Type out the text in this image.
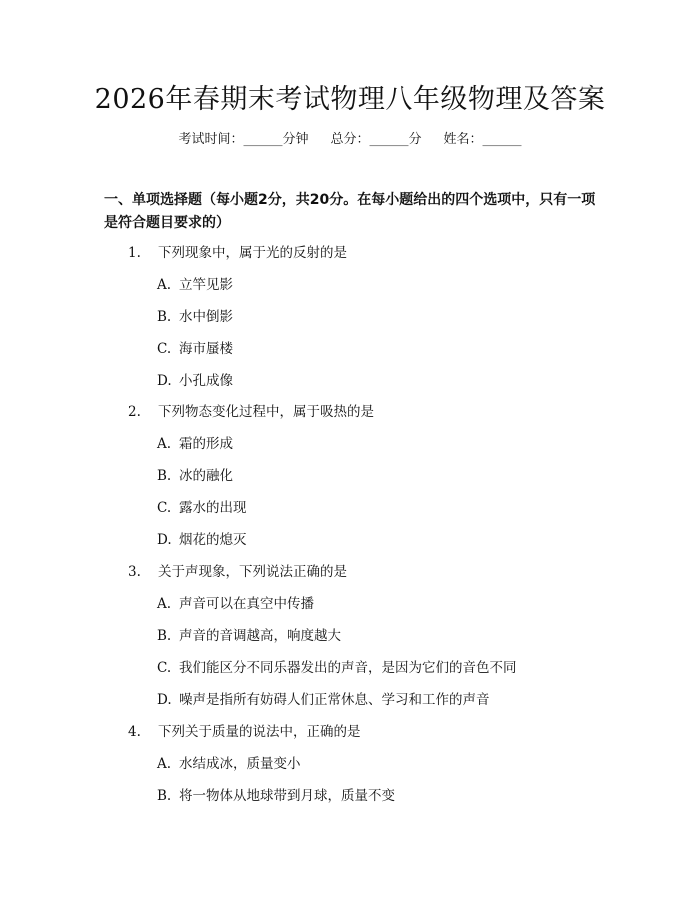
2026年春期末考试物理八年级物理及答案
考试时间：______分钟 总分：______分 姓名：______
一、单项选择题（每小题2分，共20分。在每小题给出的四个选项中，只有一项是符合题目要求的）
1. 下列现象中，属于光的反射的是
A. 立竿见影
B. 水中倒影
C. 海市蜃楼
D. 小孔成像
2. 下列物态变化过程中，属于吸热的是
A. 霜的形成
B. 冰的融化
C. 露水的出现
D. 烟花的熄灭
3. 关于声现象，下列说法正确的是
A. 声音可以在真空中传播
B. 声音的音调越高，响度越大
C. 我们能区分不同乐器发出的声音，是因为它们的音色不同
D. 噪声是指所有妨碍人们正常休息、学习和工作的声音
4. 下列关于质量的说法中，正确的是
A. 水结成冰，质量变小
B. 将一物体从地球带到月球，质量不变
